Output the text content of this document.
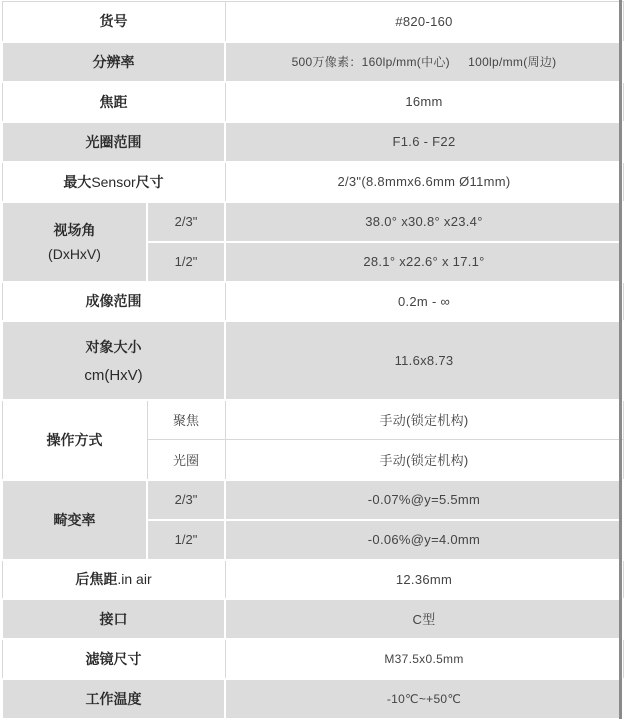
货号		#820-160
分辨率		500万像素：160lp/mm(中心)     100lp/mm(周边)
焦距		16mm
光圈范围		F1.6 - F22
最大Sensor尺寸		2/3"(8.8mmx6.6mm Ø11mm)

视场角
(DxHxV)	2/3"	38.0° x30.8° x23.4°
	1/2"	28.1° x22.6° x 17.1°
成像范围		0.2m - ∞

对象大小
cm(HxV)		11.6x8.73
操作方式	聚焦	手动(锁定机构)
	光圈	手动(锁定机构)
畸变率	2/3"	-0.07%@y=5.5mm
	1/2"	-0.06%@y=4.0mm
后焦距.in air		12.36mm
接口		C型
滤镜尺寸		M37.5x0.5mm
工作温度		-10℃~+50℃
